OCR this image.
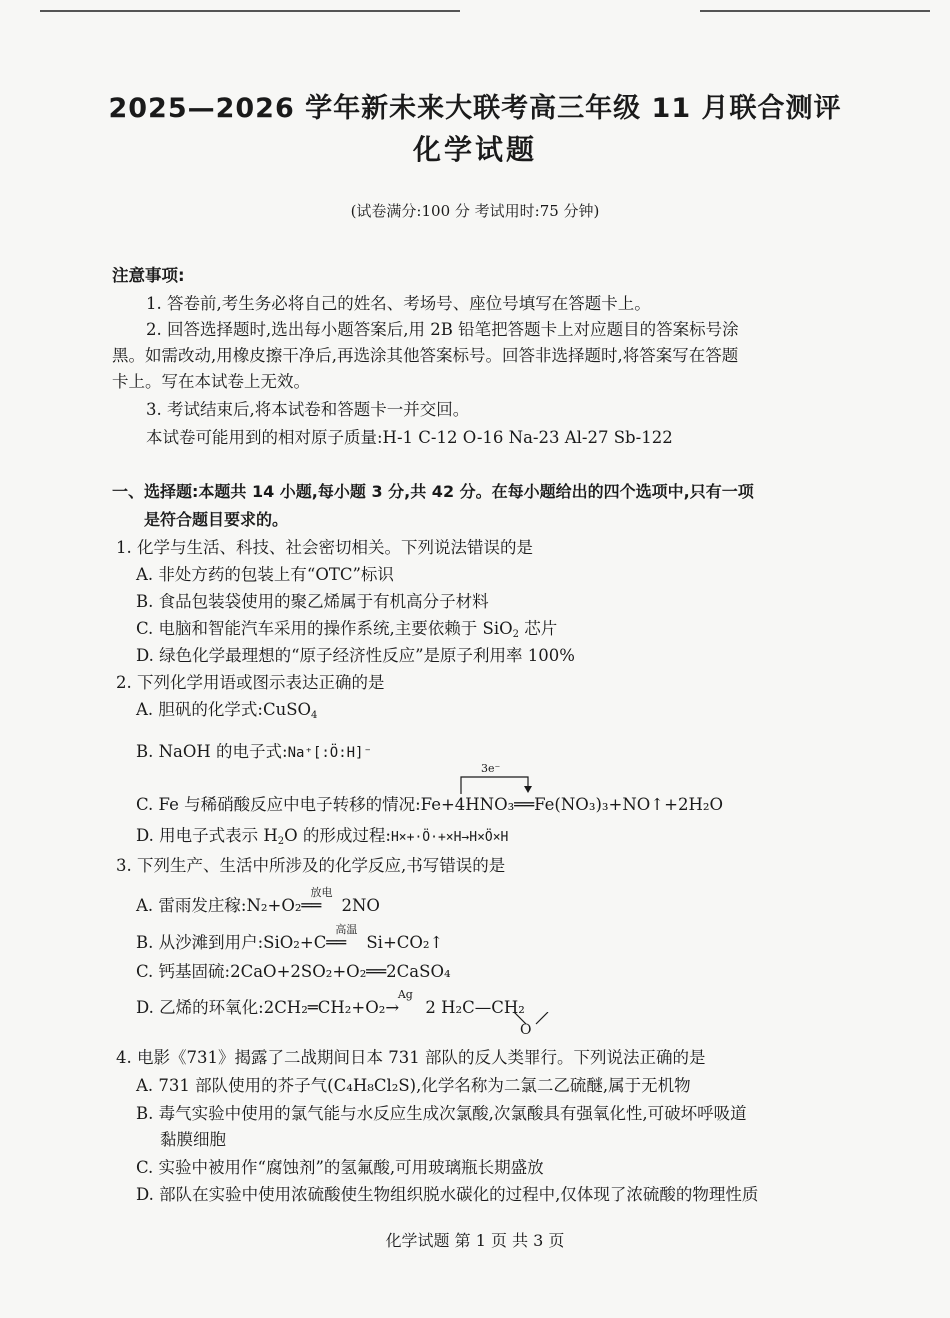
2025—2026 学年新未来大联考高三年级 11 月联合测评
化学试题
(试卷满分:100 分 考试用时:75 分钟)
注意事项:
1. 答卷前,考生务必将自己的姓名、考场号、座位号填写在答题卡上。
2. 回答选择题时,选出每小题答案后,用 2B 铅笔把答题卡上对应题目的答案标号涂
黑。如需改动,用橡皮擦干净后,再选涂其他答案标号。回答非选择题时,将答案写在答题
卡上。写在本试卷上无效。
3. 考试结束后,将本试卷和答题卡一并交回。
本试卷可能用到的相对原子质量:H-1 C-12 O-16 Na-23 Al-27 Sb-122
一、选择题:本题共 14 小题,每小题 3 分,共 42 分。在每小题给出的四个选项中,只有一项
是符合题目要求的。
1. 化学与生活、科技、社会密切相关。下列说法错误的是
A. 非处方药的包装上有“OTC”标识
B. 食品包装袋使用的聚乙烯属于有机高分子材料
C. 电脑和智能汽车采用的操作系统,主要依赖于 SiO$_2$ 芯片
D. 绿色化学最理想的“原子经济性反应”是原子利用率 100%
2. 下列化学用语或图示表达正确的是
A. 胆矾的化学式:CuSO$_4$
B. NaOH 的电子式:Na⁺[:Ö:H]⁻
3e⁻
C. Fe 与稀硝酸反应中电子转移的情况:Fe+4HNO₃══Fe(NO₃)₃+NO↑+2H₂O
D. 用电子式表示 $H_2O$ 的形成过程:H×+·Ö·+×H→H×Ö×H
3. 下列生产、生活中所涉及的化学反应,书写错误的是
A. 雷雨发庄稼:N₂+O₂
放电
══ 2NO
B. 从沙滩到用户:SiO₂+C
高温
══ Si+CO₂↑
C. 钙基固硫:2CaO+2SO₂+O₂══2CaSO₄
D. 乙烯的环氧化:2CH₂═CH₂+O₂
Ag
→ 2 H₂C—CH₂
O
4. 电影《731》揭露了二战期间日本 731 部队的反人类罪行。下列说法正确的是
A. 731 部队使用的芥子气(C₄H₈Cl₂S),化学名称为二氯二乙硫醚,属于无机物
B. 毒气实验中使用的氯气能与水反应生成次氯酸,次氯酸具有强氧化性,可破坏呼吸道
黏膜细胞
C. 实验中被用作“腐蚀剂”的氢氟酸,可用玻璃瓶长期盛放
D. 部队在实验中使用浓硫酸使生物组织脱水碳化的过程中,仅体现了浓硫酸的物理性质
化学试题 第 1 页 共 3 页
